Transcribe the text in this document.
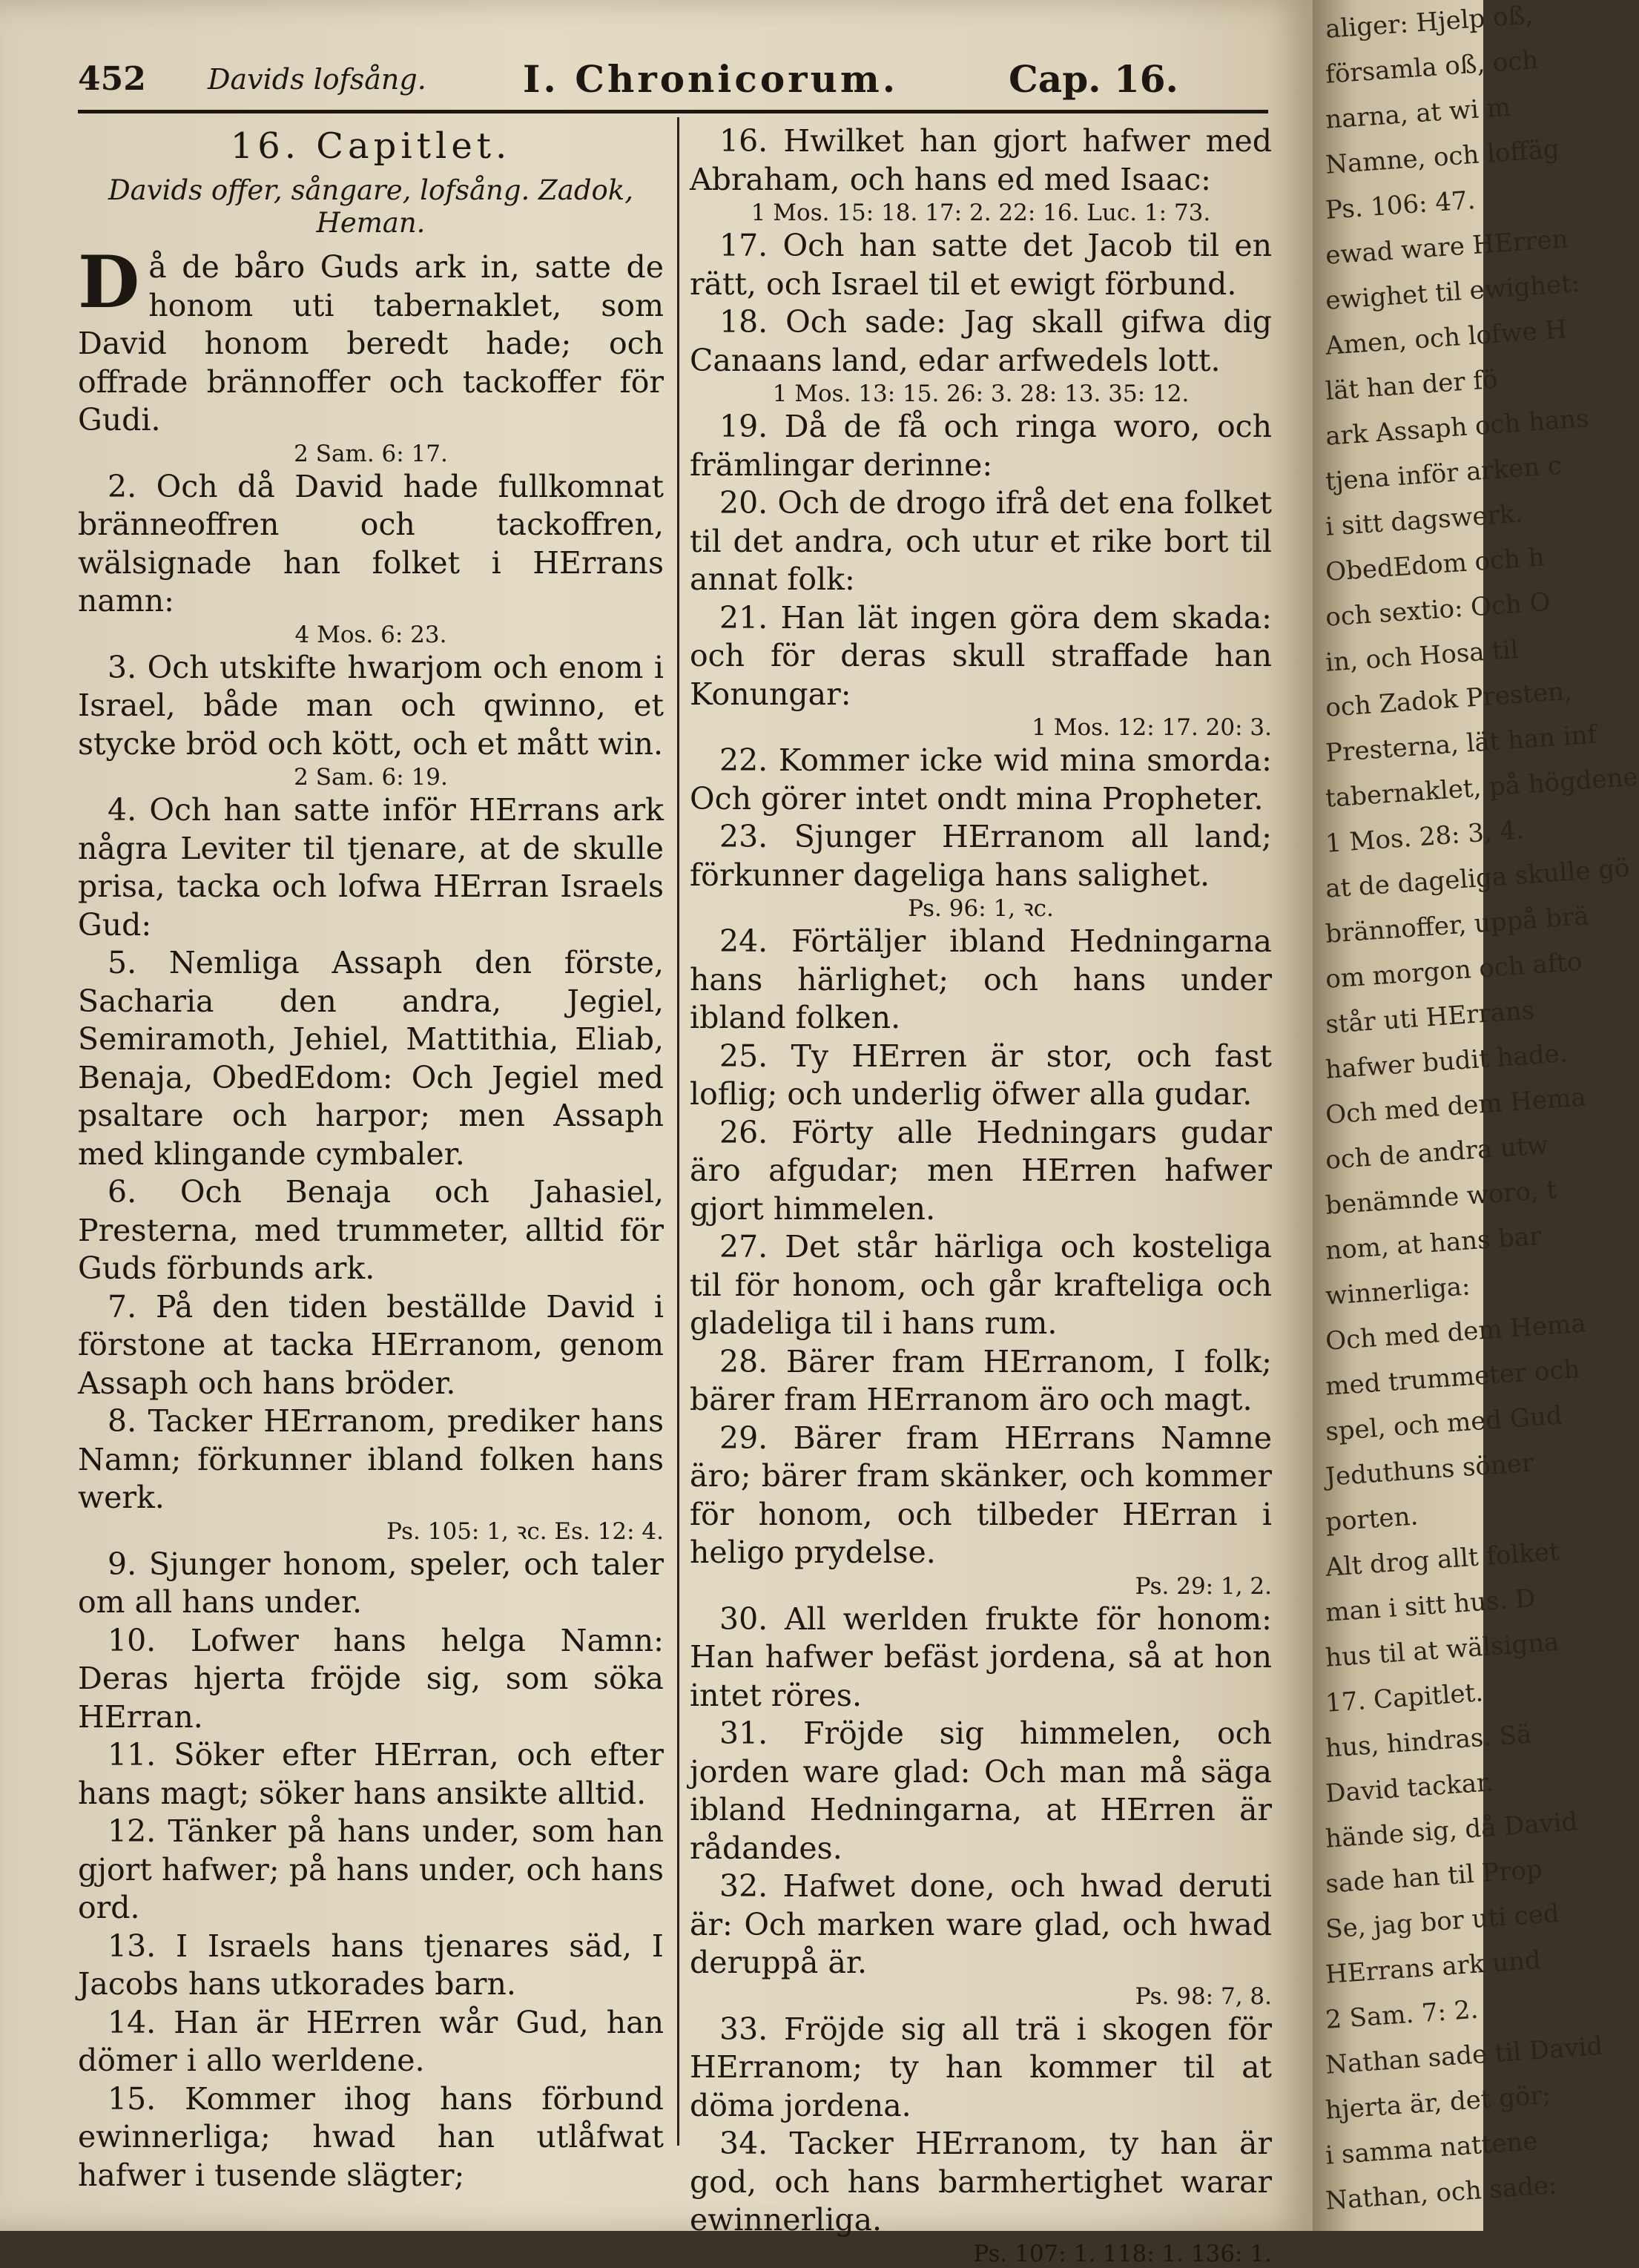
452 Davids lofsång.	I. Chronicorum.	Cap. 16.
16. Capitlet.
Davids offer, sångare, lofsång. Zadok, Heman.

Då de båro Guds ark in, satte de honom uti tabernaklet, som David honom beredt hade; och offrade brännoffer och tackoffer för Gudi.

2 Sam. 6: 17.

2. Och då David hade fullkomnat bränneoffren och tackoffren, wälsignade han folket i HErrans namn:

4 Mos. 6: 23.

3. Och utskifte hwarjom och enom i Israel, både man och qwinno, et stycke bröd och kött, och et mått win.

2 Sam. 6: 19.

4. Och han satte inför HErrans ark några Leviter til tjenare, at de skulle prisa, tacka och lofwa HErran Israels Gud:

5. Nemliga Assaph den förste, Sacharia den andra, Jegiel, Semiramoth, Jehiel, Mattithia, Eliab, Benaja, ObedEdom: Och Jegiel med psaltare och harpor; men Assaph med klingande cymbaler.

6. Och Benaja och Jahasiel, Presterna, med trummeter, alltid för Guds förbunds ark.

7. På den tiden beställde David i förstone at tacka HErranom, genom Assaph och hans bröder.

8. Tacker HErranom, prediker hans Namn; förkunner ibland folken hans werk.

Ps. 105: 1, ꝛc. Es. 12: 4.

9. Sjunger honom, speler, och taler om all hans under.

10. Lofwer hans helga Namn: Deras hjerta fröjde sig, som söka HErran.

11. Söker efter HErran, och efter hans magt; söker hans ansikte alltid.

12. Tänker på hans under, som han gjort hafwer; på hans under, och hans ord.

13. I Israels hans tjenares säd, I Jacobs hans utkorades barn.

14. Han är HErren wår Gud, han dömer i allo werldene.

15. Kommer ihog hans förbund ewinnerliga; hwad han utlåfwat hafwer i tusende slägter;

16. Hwilket han gjort hafwer med Abraham, och hans ed med Isaac:

1 Mos. 15: 18. 17: 2. 22: 16. Luc. 1: 73.

17. Och han satte det Jacob til en rätt, och Israel til et ewigt förbund.

18. Och sade: Jag skall gifwa dig Canaans land, edar arfwedels lott.

1 Mos. 13: 15. 26: 3. 28: 13. 35: 12.

19. Då de få och ringa woro, och främlingar derinne:

20. Och de drogo ifrå det ena folket til det andra, och utur et rike bort til annat folk:

21. Han lät ingen göra dem skada: och för deras skull straffade han Konungar:

1 Mos. 12: 17. 20: 3.

22. Kommer icke wid mina smorda: Och görer intet ondt mina Propheter.

23. Sjunger HErranom all land; förkunner dageliga hans salighet.

Ps. 96: 1, ꝛc.

24. Förtäljer ibland Hedningarna hans härlighet; och hans under ibland folken.

25. Ty HErren är stor, och fast loflig; och underlig öfwer alla gudar.

26. Förty alle Hedningars gudar äro afgudar; men HErren hafwer gjort himmelen.

27. Det står härliga och kosteliga til för honom, och går krafteliga och gladeliga til i hans rum.

28. Bärer fram HErranom, I folk; bärer fram HErranom äro och magt.

29. Bärer fram HErrans Namne äro; bärer fram skänker, och kommer för honom, och tilbeder HErran i heligo prydelse.

Ps. 29: 1, 2.

30. All werlden frukte för honom: Han hafwer befäst jordena, så at hon intet röres.

31. Fröjde sig himmelen, och jorden ware glad: Och man må säga ibland Hedningarna, at HErren är rådandes.

32. Hafwet done, och hwad deruti är: Och marken ware glad, och hwad deruppå är.

Ps. 98: 7, 8.

33. Fröjde sig all trä i skogen för HErranom; ty han kommer til at döma jordena.

34. Tacker HErranom, ty han är god, och hans barmhertighet warar ewinnerliga.

Ps. 107: 1. 118: 1. 136: 1.

aliger: Hjelp oß,
församla oß, och
narna, at wi m
Namne, och loffäg
Ps. 106: 47.
ewad ware HErren
ewighet til ewighet:
Amen, och lofwe H
lät han der fö
ark Assaph och hans
tjena inför arken c
i sitt dagswerk.
ObedEdom och h
och sextio: Och O
in, och Hosa til
och Zadok Presten,
Presterna, lät han inf
tabernaklet, på högdene
1 Mos. 28: 3, 4.
at de dageliga skulle gö
brännoffer, uppå brä
om morgon och afto
står uti HErrans
hafwer budit hade.
Och med dem Hema
och de andra utw
benämnde woro, t
nom, at hans bar
winnerliga:
Och med dem Hema
med trummeter och
spel, och med Gud
Jeduthuns söner
porten.
Alt drog allt folket
man i sitt hus. D
hus til at wälsigna
17. Capitlet.
hus, hindras. Sä
David tackar.
hände sig, då David
sade han til Prop
Se, jag bor uti ced
HErrans ark und
2 Sam. 7: 2.
Nathan sade til David
hjerta är, det gör;
i samma nattene
Nathan, och sade:
